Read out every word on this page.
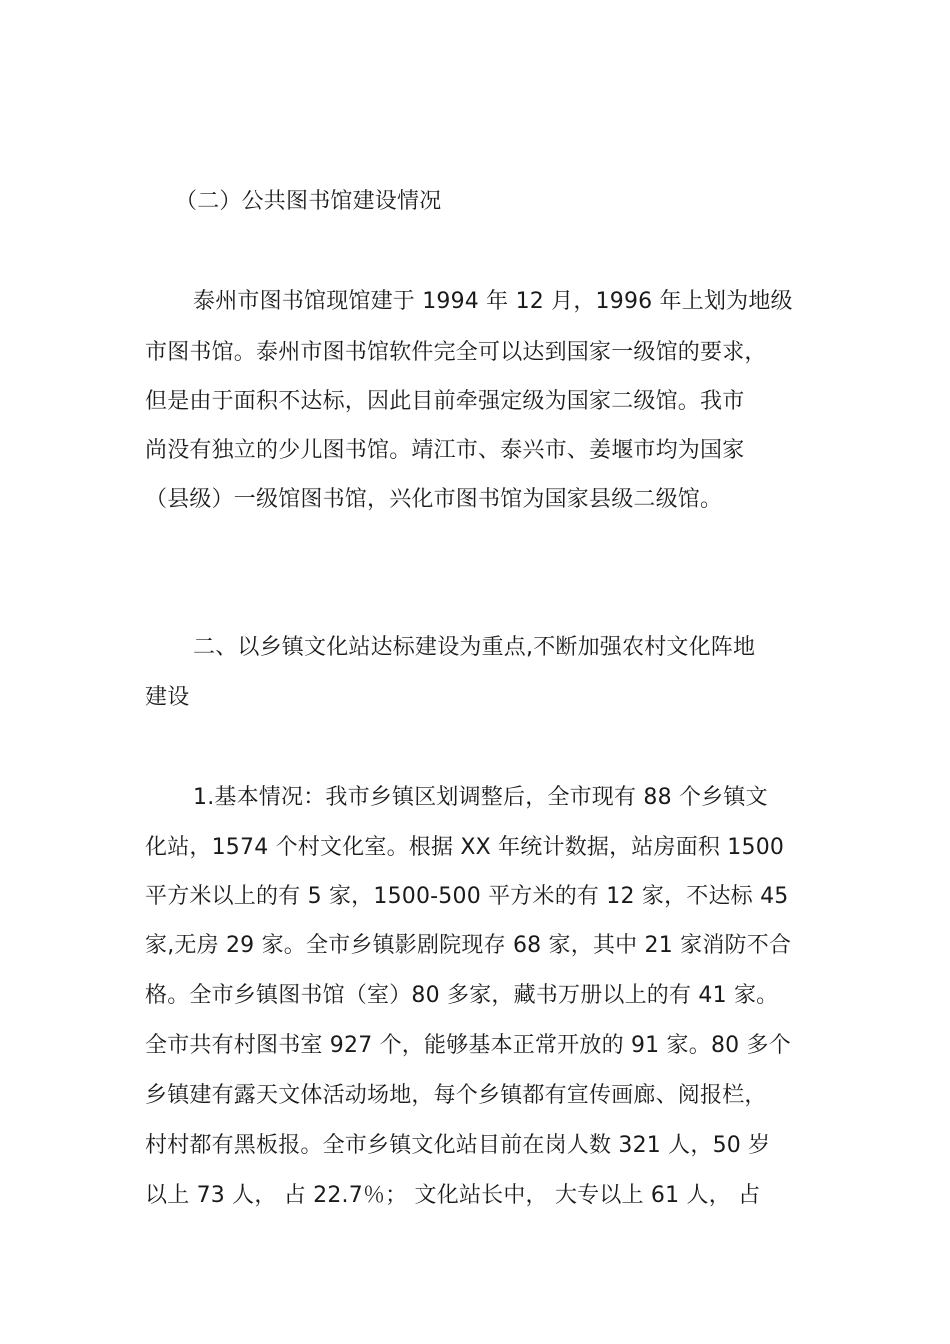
（二）公共图书馆建设情况
泰州市图书馆现馆建于 1994 年 12 月，1996 年上划为地级
市图书馆。泰州市图书馆软件完全可以达到国家一级馆的要求，
但是由于面积不达标，因此目前牵强定级为国家二级馆。我市
尚没有独立的少儿图书馆。靖江市、泰兴市、姜堰市均为国家
（县级）一级馆图书馆，兴化市图书馆为国家县级二级馆。
二、以乡镇文化站达标建设为重点,不断加强农村文化阵地
建设
1.基本情况：我市乡镇区划调整后，全市现有 88 个乡镇文
化站，1574 个村文化室。根据 XX 年统计数据，站房面积 1500
平方米以上的有 5 家，1500-500 平方米的有 12 家，不达标 45
家,无房 29 家。全市乡镇影剧院现存 68 家，其中 21 家消防不合
格。全市乡镇图书馆（室）80 多家，藏书万册以上的有 41 家。
全市共有村图书室 927 个，能够基本正常开放的 91 家。80 多个
乡镇建有露天文体活动场地，每个乡镇都有宣传画廊、阅报栏，
村村都有黑板报。全市乡镇文化站目前在岗人数 321 人，50 岁
以上 73 人， 占 22.7％； 文化站长中， 大专以上 61 人， 占
